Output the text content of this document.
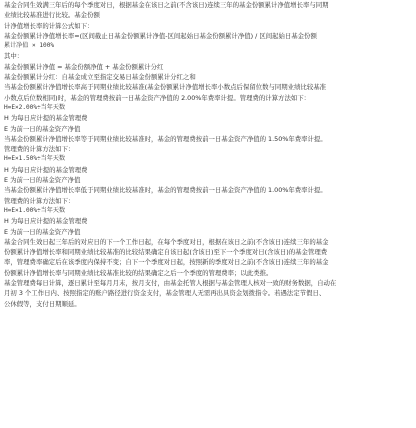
基金合同生效满三年后的每个季度对日，根据基金在该日之前(不含该日)连续三年的基金份额累计净值增长率与同期
业绩比较基准进行比较。基金份额
计净值增长率的计算公式如下：
基金份额累计净值增长率=(区间截止日基金份额累计净值-区间起始日基金份额累计净值) / 区间起始日基金份额
累计净值 × 100%
其中：
基金份额累计净值 = 基金份额净值 + 基金份额累计分红
基金份额累计分红：自基金成立至指定交易日基金份额累计分红之和
当基金份额累计净值增长率高于同期业绩比较基准(基金份额累计净值增长率小数点后保留位数与同期业绩比较基准
小数点后位数相同)时，基金的管理费按前一日基金资产净值的 2.00%年费率计提。管理费的计算方法如下：
H=E×2.00%÷当年天数
H 为每日应计提的基金管理费
E 为前一日的基金资产净值
当基金份额累计净值增长率等于同期业绩比较基准时，基金的管理费按前一日基金资产净值的 1.50%年费率计提。
管理费的计算方法如下：
H=E×1.50%÷当年天数
H 为每日应计提的基金管理费
E 为前一日的基金资产净值
当基金份额累计净值增长率低于同期业绩比较基准时，基金的管理费按前一日基金资产净值的 1.00%年费率计提。
管理费的计算方法如下：
H=E×1.00%÷当年天数
H 为每日应计提的基金管理费
E 为前一日的基金资产净值
基金合同生效日起三年后的对应日的下一个工作日起，在每个季度对日，根据在该日之前(不含该日)连续三年的基金
份额累计净值增长率和同期业绩比较基准的比较结果确定自该日起(含该日)至下一个季度对日(含该日)的基金管理费
率，管理费率确定后在该季度内保持不变；自下一个季度对日起，按照新的季度对日之前(不含该日)连续三年的基金
份额累计净值增长率与同期业绩比较基准比较的结果确定之后一个季度的管理费率；以此类推。
基金管理费每日计算，逐日累计至每月月末，按月支付，由基金托管人根据与基金管理人核对一致的财务数据，自动在
月初 3 个工作日内、按照指定的账户路径进行资金支付，基金管理人无需再出具资金划拨指令。若遇法定节假日、
公休假等，支付日期顺延。
